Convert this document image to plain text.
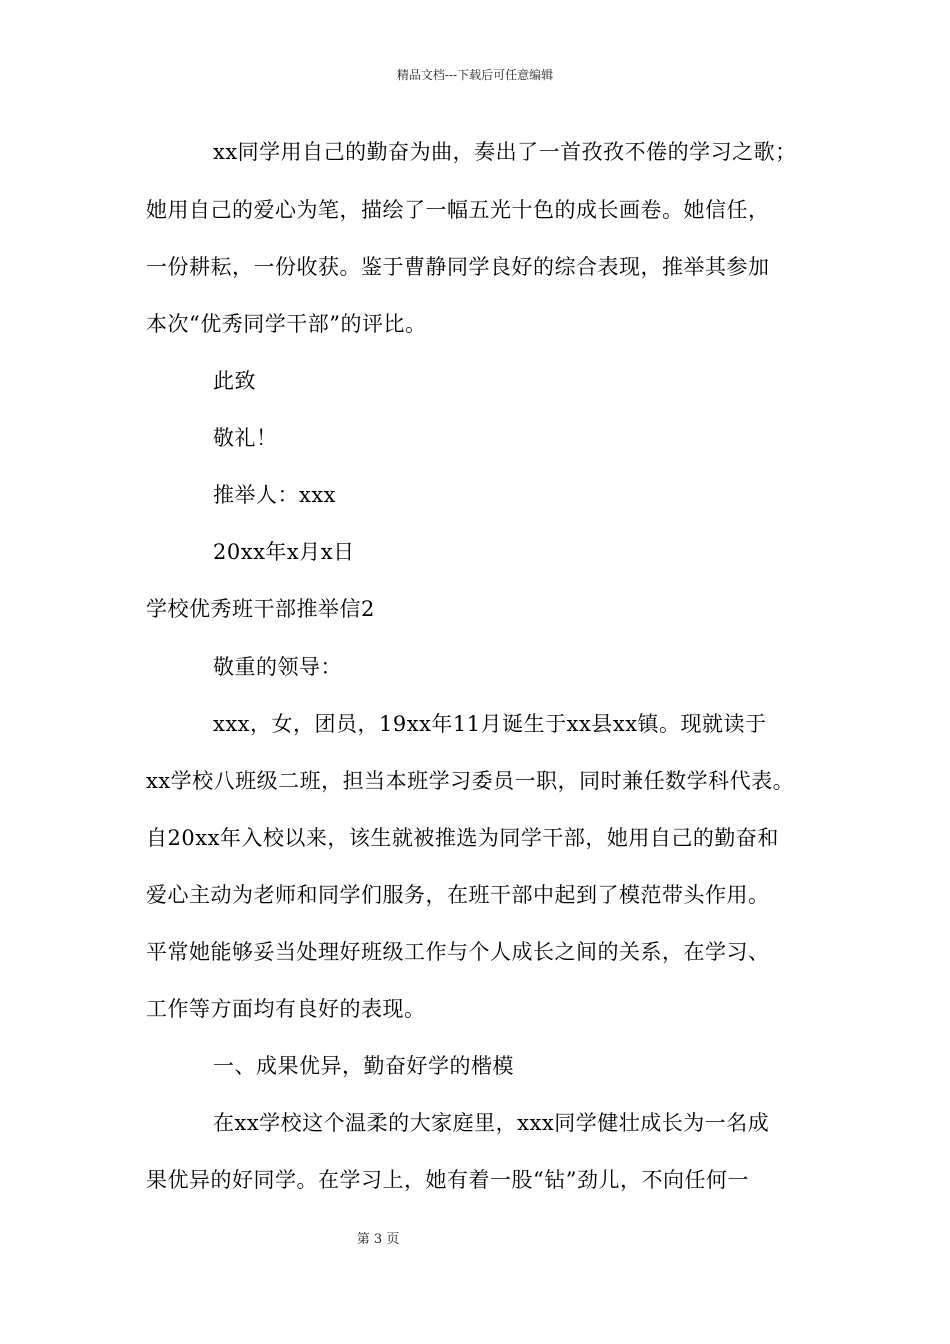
精品文档---下载后可任意编辑
xx同学用自己的勤奋为曲，奏出了一首孜孜不倦的学习之歌；
她用自己的爱心为笔，描绘了一幅五光十色的成长画卷。她信任，
一份耕耘，一份收获。鉴于曹静同学良好的综合表现，推举其参加
本次“优秀同学干部”的评比。
此致
敬礼！
推举人：xxx
20xx年x月x日
学校优秀班干部推举信2
敬重的领导：
xxx，女，团员，19xx年11月诞生于xx县xx镇。现就读于
xx学校八班级二班，担当本班学习委员一职，同时兼任数学科代表。
自20xx年入校以来，该生就被推选为同学干部，她用自己的勤奋和
爱心主动为老师和同学们服务，在班干部中起到了模范带头作用。
平常她能够妥当处理好班级工作与个人成长之间的关系，在学习、
工作等方面均有良好的表现。
一、成果优异，勤奋好学的楷模
在xx学校这个温柔的大家庭里，xxx同学健壮成长为一名成
果优异的好同学。在学习上，她有着一股“钻”劲儿，不向任何一
第 3 页
